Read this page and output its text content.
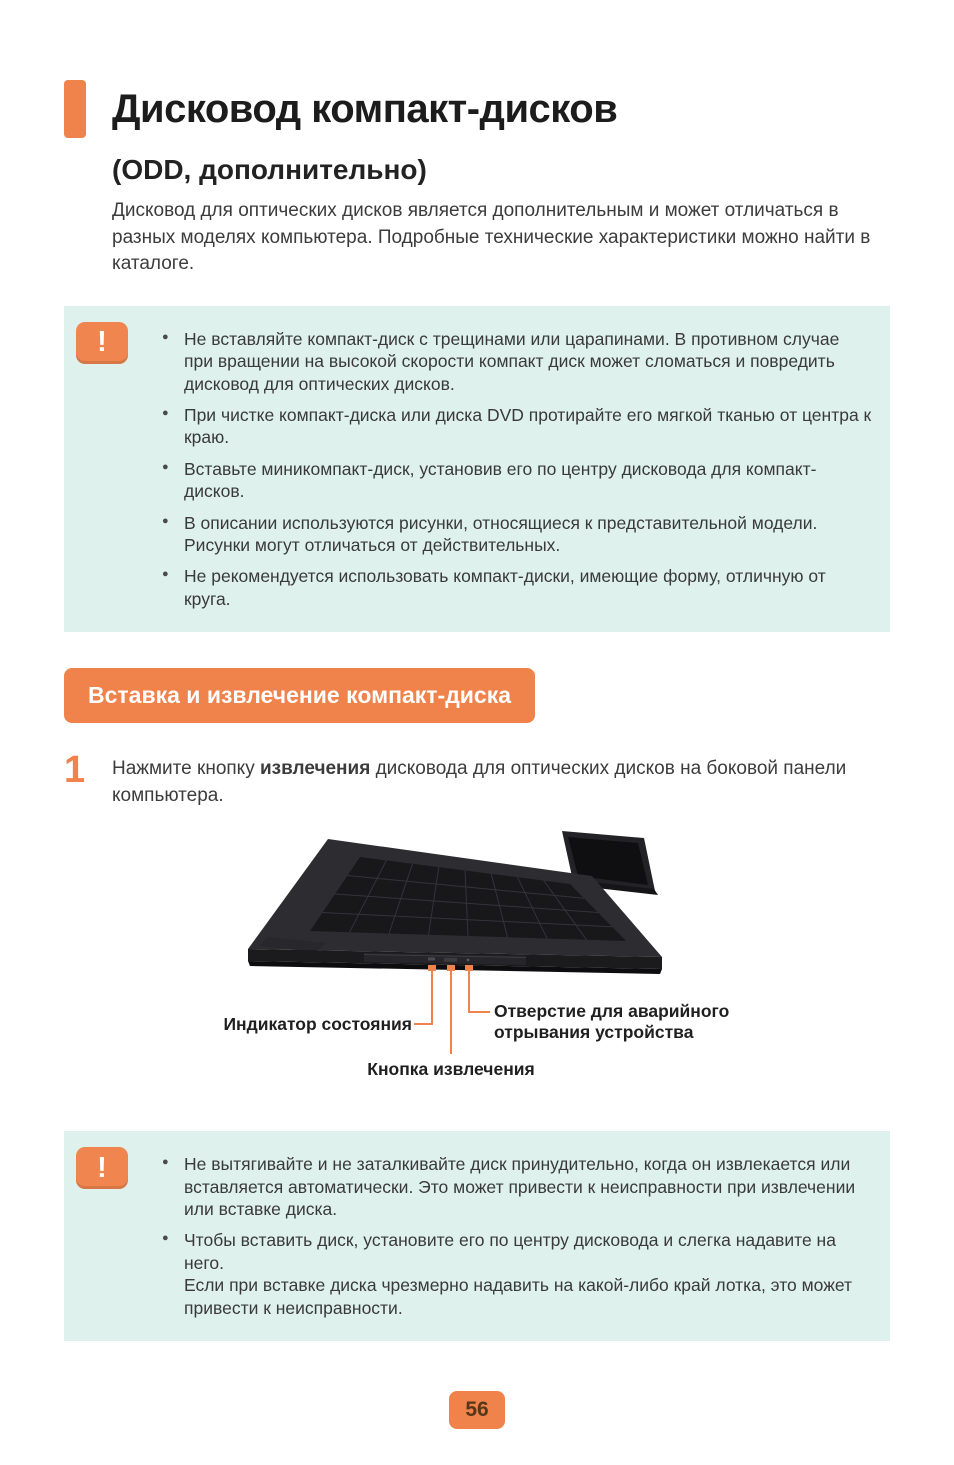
Дисковод компакт-дисков
(ODD, дополнительно)

Дисковод для оптических дисков является дополнительным и может отличаться в разных моделях компьютера. Подробные технические характеристики можно найти в каталоге.

!	● Не вставляйте компакт-диск с трещинами или царапинами. В противном случае при вращении на высокой скорости компакт диск может сломаться и повредить дисковод для оптических дисков.
● При чистке компакт-диска или диска DVD протирайте его мягкой тканью от центра к краю.
● Вставьте миникомпакт-диск, установив его по центру дисковода для компакт-дисков.
● В описании используются рисунки, относящиеся к представительной модели. Рисунки могут отличаться от действительных.
● Не рекомендуется использовать компакт-диски, имеющие форму, отличную от круга.
Вставка и извлечение компакт-диска
1	Нажмите кнопку извлечения дисковода для оптических дисков на боковой панели компьютера.

Индикатор состояния
Отверстие для аварийного
отрывания устройства
Кнопка извлечения
!	● Не вытягивайте и не заталкивайте диск принудительно, когда он извлекается или вставляется автоматически. Это может привести к неисправности при извлечении или вставке диска.
● Чтобы вставить диск, установите его по центру дисковода и слегка надавите на него.
Если при вставке диска чрезмерно надавить на какой-либо край лотка, это может привести к неисправности.
56
